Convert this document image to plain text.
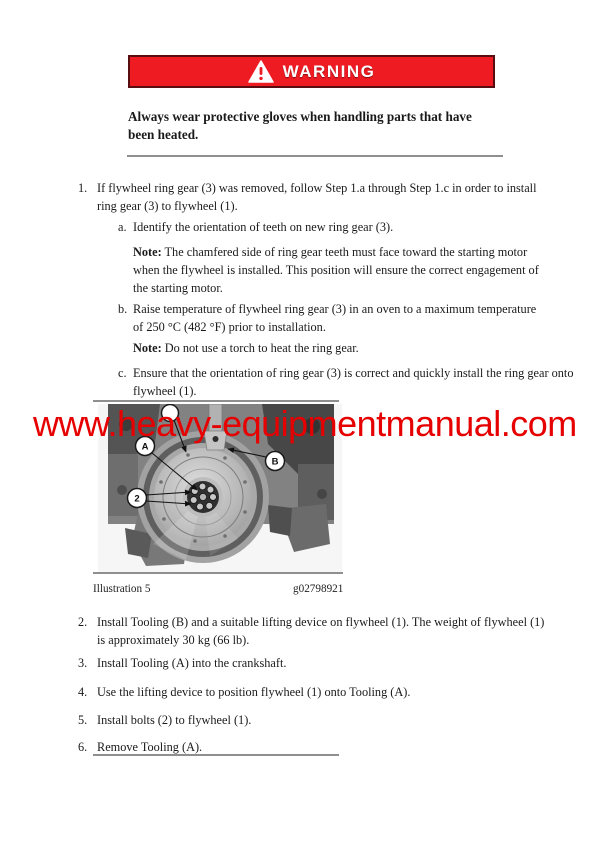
WARNING
Always wear protective gloves when handling parts that have been heated.
1. If flywheel ring gear (3) was removed, follow Step 1.a through Step 1.c in order to install ring gear (3) to flywheel (1).
a. Identify the orientation of teeth on new ring gear (3).
Note: The chamfered side of ring gear teeth must face toward the starting motor when the flywheel is installed. This position will ensure the correct engagement of the starting motor.
b. Raise temperature of flywheel ring gear (3) in an oven to a maximum temperature of 250 °C (482 °F) prior to installation.
Note: Do not use a torch to heat the ring gear.
c. Ensure that the orientation of ring gear (3) is correct and quickly install the ring gear onto flywheel (1).
A
2
B
www.heavy-equipmentmanual.com
Illustration 5	g02798921
2. Install Tooling (B) and a suitable lifting device on flywheel (1). The weight of flywheel (1) is approximately 30 kg (66 lb).
3. Install Tooling (A) into the crankshaft.
4. Use the lifting device to position flywheel (1) onto Tooling (A).
5. Install bolts (2) to flywheel (1).
6. Remove Tooling (A).
